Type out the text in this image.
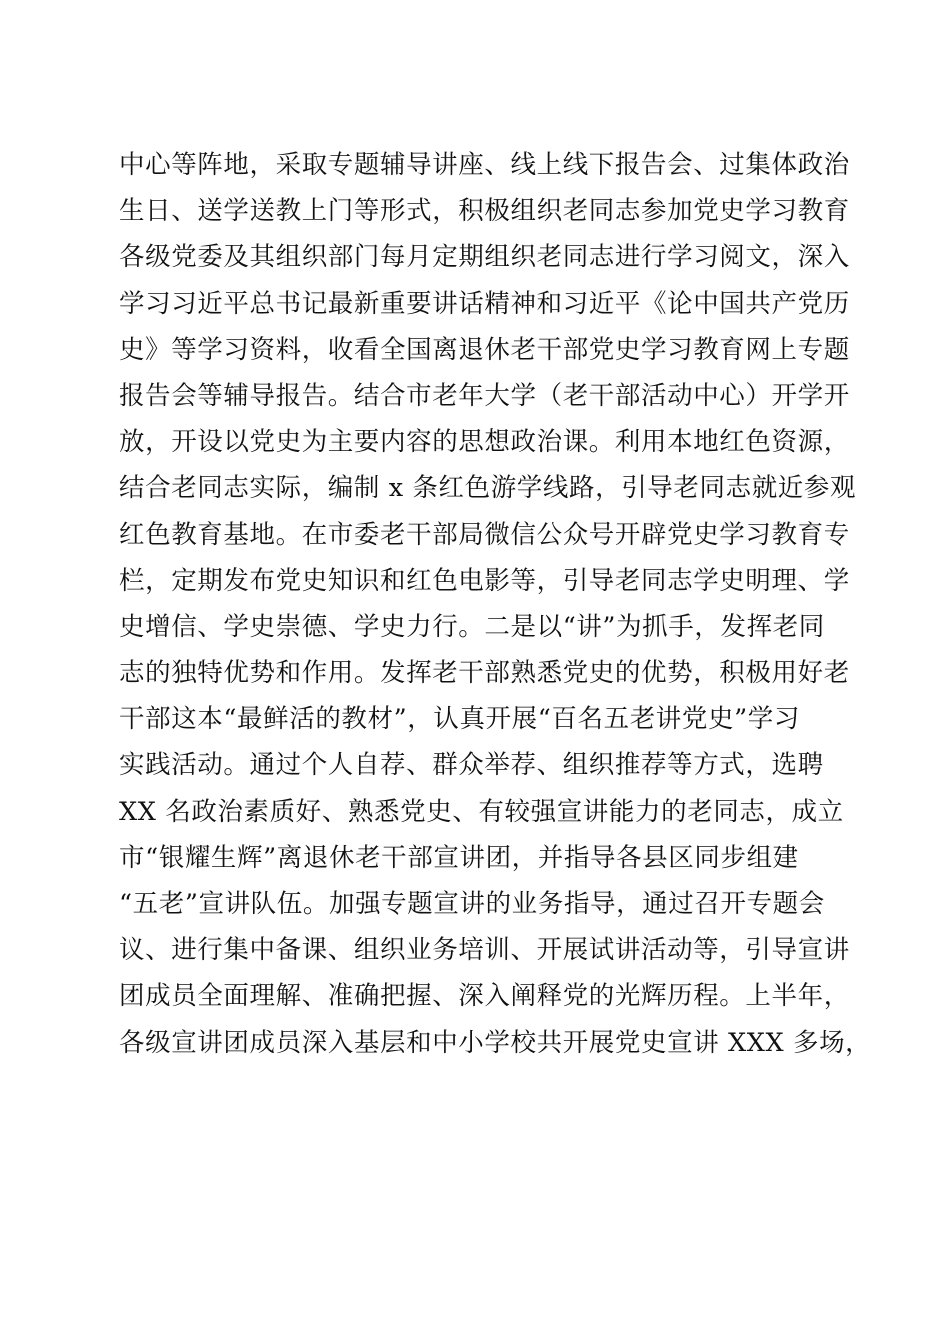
中心等阵地，采取专题辅导讲座、线上线下报告会、过集体政治
生日、送学送教上门等形式，积极组织老同志参加党史学习教育
各级党委及其组织部门每月定期组织老同志进行学习阅文，深入
学习习近平总书记最新重要讲话精神和习近平《论中国共产党历
史》等学习资料，收看全国离退休老干部党史学习教育网上专题
报告会等辅导报告。结合市老年大学（老干部活动中心）开学开
放，开设以党史为主要内容的思想政治课。利用本地红色资源，
结合老同志实际，编制 x 条红色游学线路，引导老同志就近参观
红色教育基地。在市委老干部局微信公众号开辟党史学习教育专
栏，定期发布党史知识和红色电影等，引导老同志学史明理、学
史增信、学史崇德、学史力行。二是以“讲”为抓手，发挥老同
志的独特优势和作用。发挥老干部熟悉党史的优势，积极用好老
干部这本“最鲜活的教材”，认真开展“百名五老讲党史”学习
实践活动。通过个人自荐、群众举荐、组织推荐等方式，选聘
XX 名政治素质好、熟悉党史、有较强宣讲能力的老同志，成立
市“银耀生辉”离退休老干部宣讲团，并指导各县区同步组建
“五老”宣讲队伍。加强专题宣讲的业务指导，通过召开专题会
议、进行集中备课、组织业务培训、开展试讲活动等，引导宣讲
团成员全面理解、准确把握、深入阐释党的光辉历程。上半年，
各级宣讲团成员深入基层和中小学校共开展党史宣讲 XXX 多场，
